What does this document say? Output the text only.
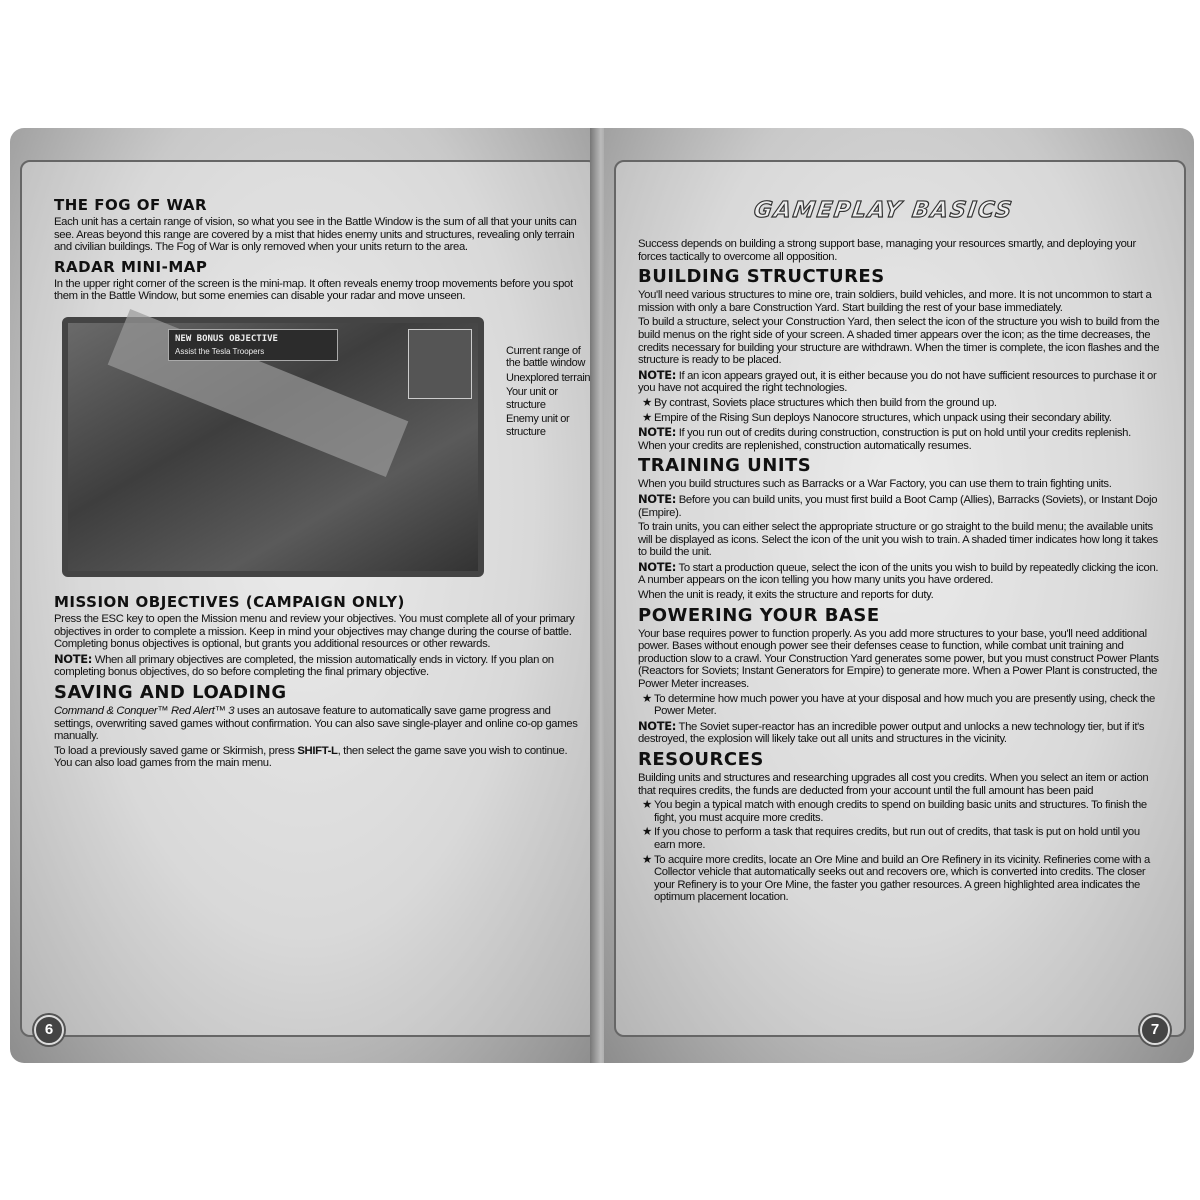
THE FOG OF WAR

Each unit has a certain range of vision, so what you see in the Battle Window is the sum of all that your units can see. Areas beyond this range are covered by a mist that hides enemy units and structures, revealing only terrain and civilian buildings. The Fog of War is only removed when your units return to the area.

RADAR MINI-MAP

In the upper right corner of the screen is the mini-map. It often reveals enemy troop movements before you spot them in the Battle Window, but some enemies can disable your radar and move unseen.

NEW BONUS OBJECTIVE
Assist the Tesla Troopers	Current range of the battle window
Unexplored terrain
Your unit or structure
Enemy unit or structure
MISSION OBJECTIVES (CAMPAIGN ONLY)

Press the ESC key to open the Mission menu and review your objectives. You must complete all of your primary objectives in order to complete a mission. Keep in mind your objectives may change during the course of battle. Completing bonus objectives is optional, but grants you additional resources or other rewards.

NOTE: When all primary objectives are completed, the mission automatically ends in victory. If you plan on completing bonus objectives, do so before completing the final primary objective.

SAVING AND LOADING

Command & Conquer™ Red Alert™ 3 uses an autosave feature to automatically save game progress and settings, overwriting saved games without confirmation. You can also save single-player and online co-op games manually.

To load a previously saved game or Skirmish, press SHIFT-L, then select the game save you wish to continue. You can also load games from the main menu.

6
GAMEPLAY BASICS

Success depends on building a strong support base, managing your resources smartly, and deploying your forces tactically to overcome all opposition.

BUILDING STRUCTURES

You'll need various structures to mine ore, train soldiers, build vehicles, and more. It is not uncommon to start a mission with only a bare Construction Yard. Start building the rest of your base immediately.

To build a structure, select your Construction Yard, then select the icon of the structure you wish to build from the build menus on the right side of your screen. A shaded timer appears over the icon; as the time decreases, the credits necessary for building your structure are withdrawn. When the timer is complete, the icon flashes and the structure is ready to be placed.

NOTE: If an icon appears grayed out, it is either because you do not have sufficient resources to purchase it or you have not acquired the right technologies.

★ By contrast, Soviets place structures which then build from the ground up.

★ Empire of the Rising Sun deploys Nanocore structures, which unpack using their secondary ability.

NOTE: If you run out of credits during construction, construction is put on hold until your credits replenish. When your credits are replenished, construction automatically resumes.

TRAINING UNITS

When you build structures such as Barracks or a War Factory, you can use them to train fighting units.

NOTE: Before you can build units, you must first build a Boot Camp (Allies), Barracks (Soviets), or Instant Dojo (Empire).

To train units, you can either select the appropriate structure or go straight to the build menu; the available units will be displayed as icons. Select the icon of the unit you wish to train. A shaded timer indicates how long it takes to build the unit.

NOTE: To start a production queue, select the icon of the units you wish to build by repeatedly clicking the icon. A number appears on the icon telling you how many units you have ordered.

When the unit is ready, it exits the structure and reports for duty.

POWERING YOUR BASE

Your base requires power to function properly. As you add more structures to your base, you'll need additional power. Bases without enough power see their defenses cease to function, while combat unit training and production slow to a crawl. Your Construction Yard generates some power, but you must construct Power Plants (Reactors for Soviets; Instant Generators for Empire) to generate more. When a Power Plant is constructed, the Power Meter increases.

★ To determine how much power you have at your disposal and how much you are presently using, check the Power Meter.

NOTE: The Soviet super-reactor has an incredible power output and unlocks a new technology tier, but if it's destroyed, the explosion will likely take out all units and structures in the vicinity.

RESOURCES

Building units and structures and researching upgrades all cost you credits. When you select an item or action that requires credits, the funds are deducted from your account until the full amount has been paid

★ You begin a typical match with enough credits to spend on building basic units and structures. To finish the fight, you must acquire more credits.

★ If you chose to perform a task that requires credits, but run out of credits, that task is put on hold until you earn more.

★ To acquire more credits, locate an Ore Mine and build an Ore Refinery in its vicinity. Refineries come with a Collector vehicle that automatically seeks out and recovers ore, which is converted into credits. The closer your Refinery is to your Ore Mine, the faster you gather resources. A green highlighted area indicates the optimum placement location.

7
